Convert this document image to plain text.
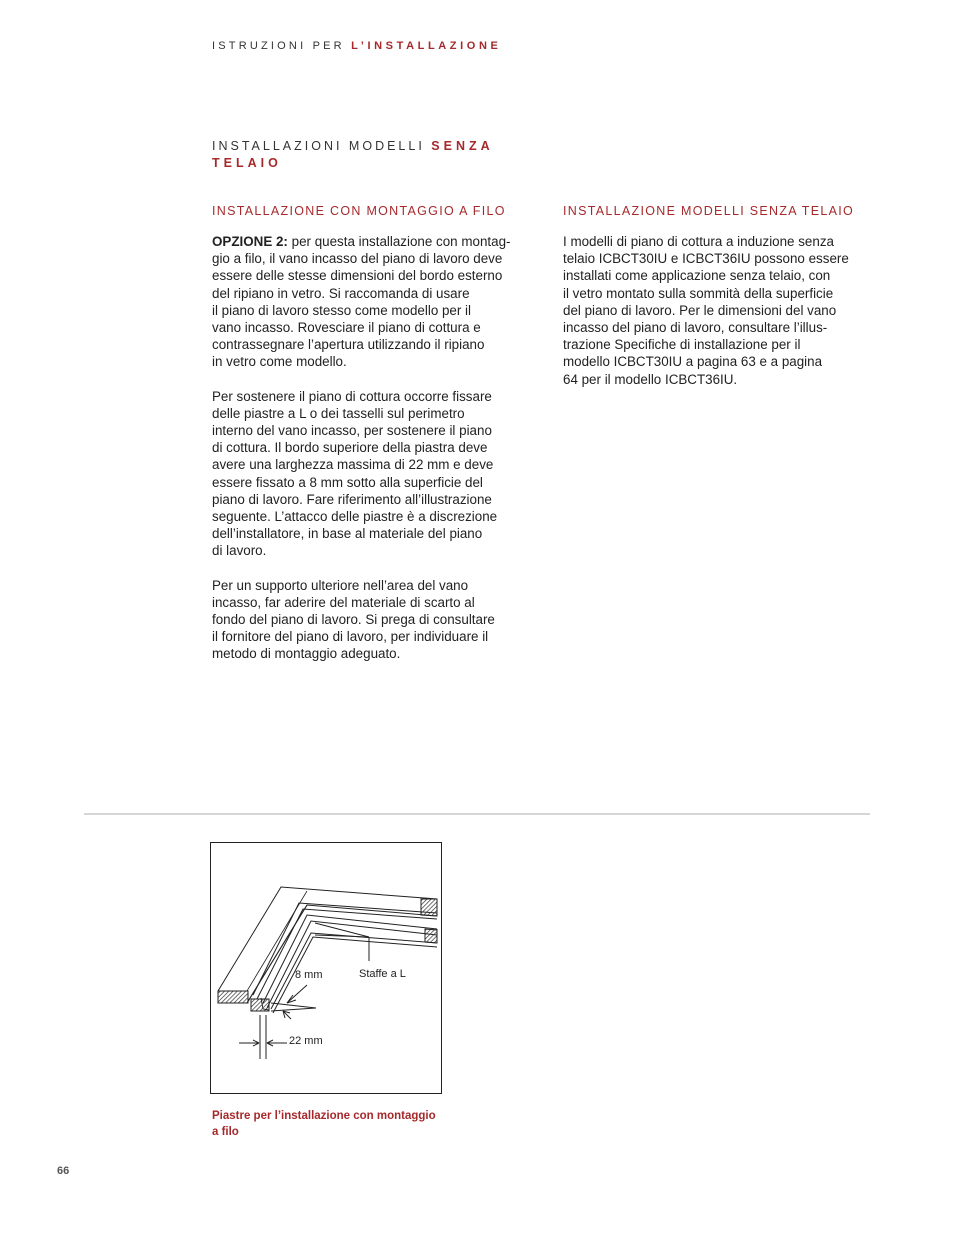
ISTRUZIONI PER L’INSTALLAZIONE
INSTALLAZIONI MODELLI SENZA
TELAIO
INSTALLAZIONE CON MONTAGGIO A FILO	INSTALLAZIONE MODELLI SENZA TELAIO

OPZIONE 2: per questa installazione con montag-
gio a filo, il vano incasso del piano di lavoro deve
essere delle stesse dimensioni del bordo esterno
del ripiano in vetro. Si raccomanda di usare
il piano di lavoro stesso come modello per il
vano incasso. Rovesciare il piano di cottura e
contrassegnare l’apertura utilizzando il ripiano
in vetro come modello.

Per sostenere il piano di cottura occorre fissare
delle piastre a L o dei tasselli sul perimetro
interno del vano incasso, per sostenere il piano
di cottura. Il bordo superiore della piastra deve
avere una larghezza massima di 22 mm e deve
essere fissato a 8 mm sotto alla superficie del
piano di lavoro. Fare riferimento all’illustrazione
seguente. L’attacco delle piastre è a discrezione
dell’installatore, in base al materiale del piano
di lavoro.

Per un supporto ulteriore nell’area del vano
incasso, far aderire del materiale di scarto al
fondo del piano di lavoro. Si prega di consultare
il fornitore del piano di lavoro, per individuare il
metodo di montaggio adeguato.

I modelli di piano di cottura a induzione senza
telaio ICBCT30IU e ICBCT36IU possono essere
installati come applicazione senza telaio, con
il vetro montato sulla sommità della superficie
del piano di lavoro. Per le dimensioni del vano
incasso del piano di lavoro, consultare l’illus-
trazione Specifiche di installazione per il
modello ICBCT30IU a pagina 63 e a pagina
64 per il modello ICBCT36IU.

8 mm	Staffe a L
22 mm
Piastre per l’installazione con montaggio
a filo
66
